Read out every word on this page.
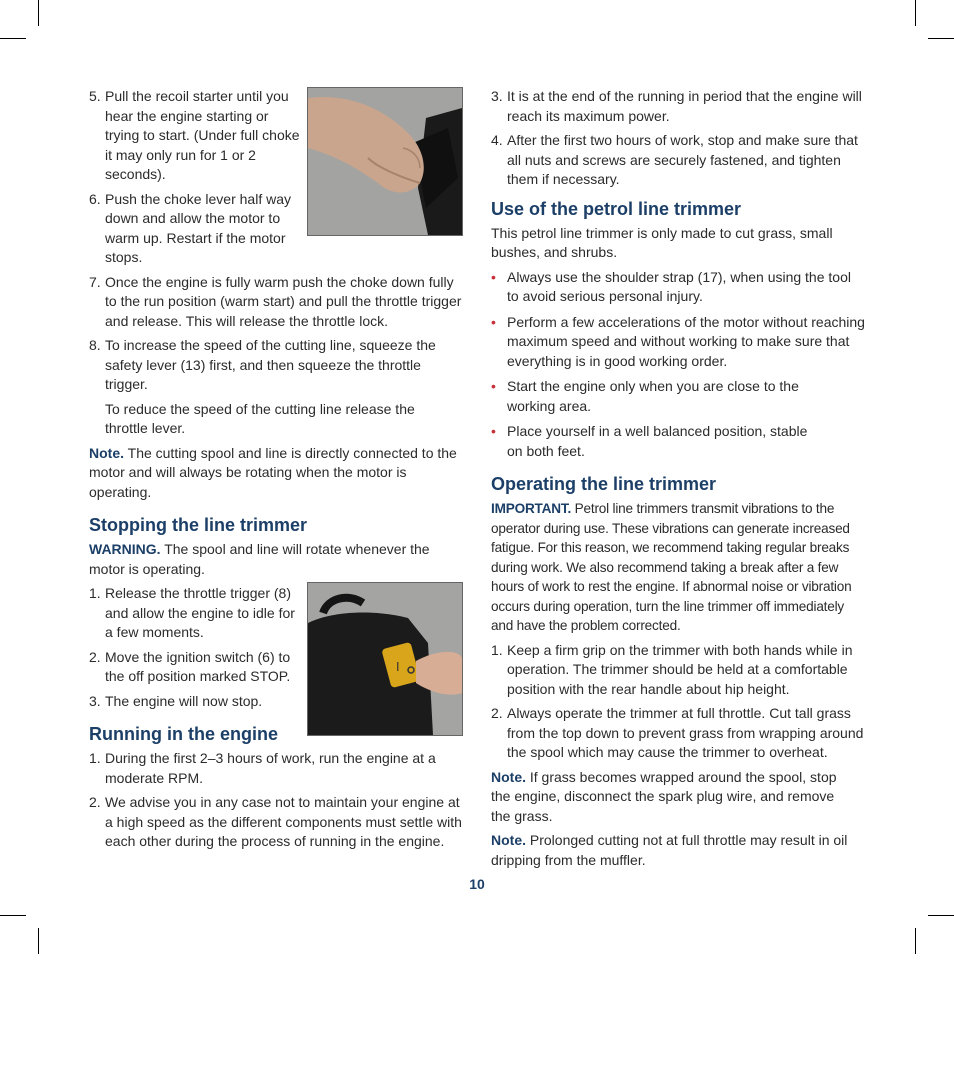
5. Pull the recoil starter until you hear the engine starting or trying to start. (Under full choke it may only run for 1 or 2 seconds).
6. Push the choke lever half way down and allow the motor to warm up. Restart if the motor stops.
7. Once the engine is fully warm push the choke down fully to the run position (warm start) and pull the throttle trigger and release. This will release the throttle lock.
8. To increase the speed of the cutting line, squeeze the safety lever (13) first, and then squeeze the throttle trigger.

To reduce the speed of the cutting line release the throttle lever.

Note. The cutting spool and line is directly connected to the motor and will always be rotating when the motor is operating.

Stopping the line trimmer

WARNING. The spool and line will rotate whenever the motor is operating.

I
1. Release the throttle trigger (8) and allow the engine to idle for a few moments.
2. Move the ignition switch (6) to the off position marked STOP.
3. The engine will now stop.
Running in the engine
1. During the first 2–3 hours of work, run the engine at a moderate RPM.
2. We advise you in any case not to maintain your engine at a high speed as the different components must settle with each other during the process of running in the engine.
3. It is at the end of the running in period that the engine will reach its maximum power.
4. After the first two hours of work, stop and make sure that all nuts and screws are securely fastened, and tighten them if necessary.
Use of the petrol line trimmer

This petrol line trimmer is only made to cut grass, small bushes, and shrubs.

• Always use the shoulder strap (17), when using the tool to avoid serious personal injury.
• Perform a few accelerations of the motor without reaching maximum speed and without working to make sure that everything is in good working order.
• Start the engine only when you are close to the working area.
• Place yourself in a well balanced position, stable on both feet.
Operating the line trimmer

IMPORTANT. Petrol line trimmers transmit vibrations to the operator during use. These vibrations can generate increased fatigue. For this reason, we recommend taking regular breaks during work. We also recommend taking a break after a few hours of work to rest the engine. If abnormal noise or vibration occurs during operation, turn the line trimmer off immediately and have the problem corrected.

1. Keep a firm grip on the trimmer with both hands while in operation. The trimmer should be held at a comfortable position with the rear handle about hip height.
2. Always operate the trimmer at full throttle. Cut tall grass from the top down to prevent grass from wrapping around the spool which may cause the trimmer to overheat.

Note. If grass becomes wrapped around the spool, stop the engine, disconnect the spark plug wire, and remove the grass.

Note. Prolonged cutting not at full throttle may result in oil dripping from the muffler.

10
